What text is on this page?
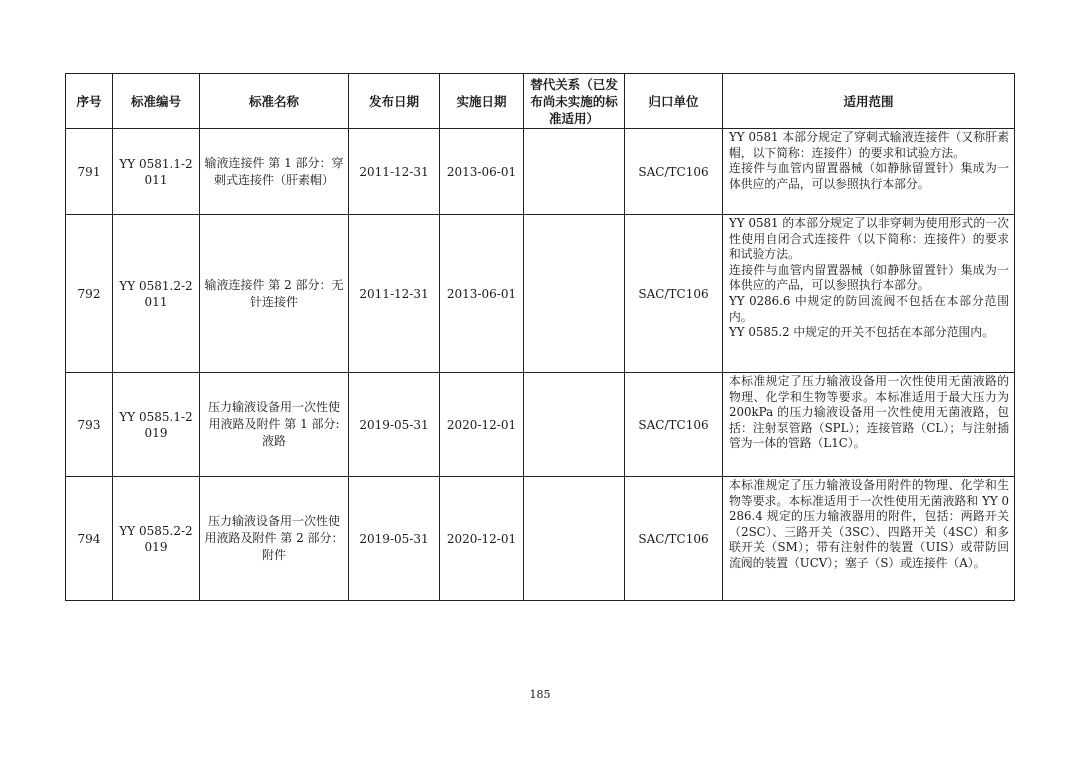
序号	标准编号	标准名称	发布日期	实施日期	替代关系（已发布尚未实施的标准适用）	归口单位	适用范围
791	YY 0581.1-2011	输液连接件 第 1 部分：穿刺式连接件（肝素帽）	2011-12-31	2013-06-01		SAC/TC106	YY 0581 本部分规定了穿刺式输液连接件（又称肝素帽，以下简称：连接件）的要求和试验方法。
连接件与血管内留置器械（如静脉留置针）集成为一体供应的产品，可以参照执行本部分。

792	YY 0581.2-2011	输液连接件 第 2 部分：无针连接件	2011-12-31	2013-06-01		SAC/TC106	YY 0581 的本部分规定了以非穿刺为使用形式的一次性使用自闭合式连接件（以下简称：连接件）的要求和试验方法。
连接件与血管内留置器械（如静脉留置针）集成为一体供应的产品，可以参照执行本部分。
YY 0286.6 中规定的防回流阀不包括在本部分范围内。
YY 0585.2 中规定的开关不包括在本部分范围内。

793	YY 0585.1-2019	压力输液设备用一次性使用液路及附件 第 1 部分:液路	2019-05-31	2020-12-01		SAC/TC106	本标准规定了压力输液设备用一次性使用无菌液路的物理、化学和生物等要求。本标准适用于最大压力为 200kPa 的压力输液设备用一次性使用无菌液路，包括：注射泵管路（SPL）；连接管路（CL）；与注射插管为一体的管路（L1C）。

794	YY 0585.2-2019	压力输液设备用一次性使用液路及附件 第 2 部分：附件	2019-05-31	2020-12-01		SAC/TC106	本标准规定了压力输液设备用附件的物理、化学和生物等要求。本标准适用于一次性使用无菌液路和 YY 0286.4 规定的压力输液器用的附件，包括：两路开关（2SC）、三路开关（3SC）、四路开关（4SC）和多联开关（SM）；带有注射件的装置（UIS）或带防回流阀的装置（UCV）；塞子（S）或连接件（A）。
185
